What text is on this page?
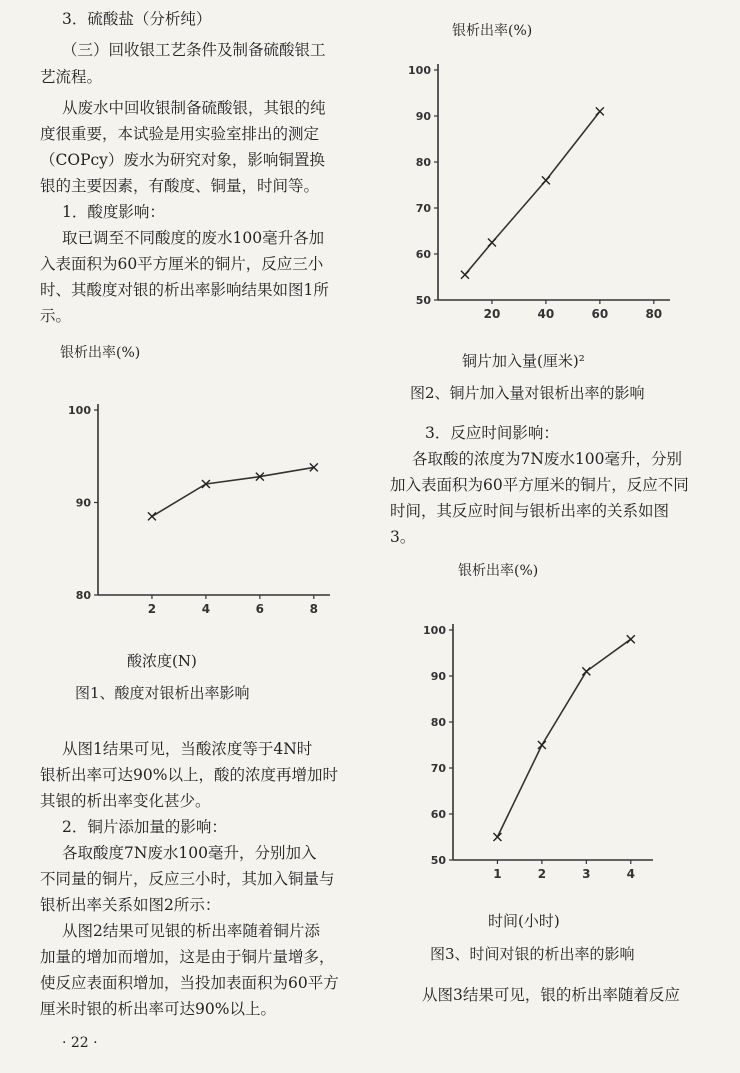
3．硫酸盐（分析纯）

（三）回收银工艺条件及制备硫酸银工

艺流程。

从废水中回收银制备硫酸银，其银的纯

度很重要，本试验是用实验室排出的测定

（COPcy）废水为研究对象，影响铜置换

银的主要因素，有酸度、铜量，时间等。

1．酸度影响：

取已调至不同酸度的废水100毫升各加

入表面积为60平方厘米的铜片，反应三小

时、其酸度对银的析出率影响结果如图1所

示。

银析出率(%)
80
90
100
2	4	6	8
酸浓度(N)
图1、酸度对银析出率影响

从图1结果可见，当酸浓度等于4N时

银析出率可达90%以上，酸的浓度再增加时

其银的析出率变化甚少。

2．铜片添加量的影响：

各取酸度7N废水100毫升，分别加入

不同量的铜片，反应三小时，其加入铜量与

银析出率关系如图2所示：

从图2结果可见银的析出率随着铜片添

加量的增加而增加，这是由于铜片量增多，

使反应表面积增加，当投加表面积为60平方

厘米时银的析出率可达90%以上。

· 22 ·
银析出率(%)
50
60
70
80
90
100
20	40	60	80
铜片加入量(厘米)²
图2、铜片加入量对银析出率的影响

3．反应时间影响：

各取酸的浓度为7N废水100毫升，分别

加入表面积为60平方厘米的铜片，反应不同

时间，其反应时间与银析出率的关系如图

3。

银析出率(%)
50
60
70
80
90
100
1	2	3	4
时间(小时)
图3、时间对银的析出率的影响

从图3结果可见，银的析出率随着反应
